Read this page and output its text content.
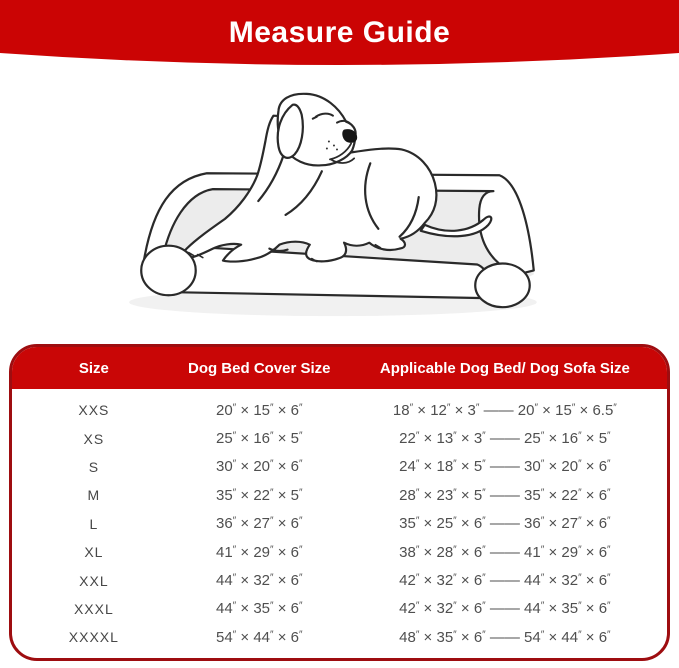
Measure Guide
Size	Dog Bed Cover Size	Applicable Dog Bed/ Dog Sofa Size
XXS	20″ × 15″ × 6″	18″ × 12″ × 3″ —— 20″ × 15″ × 6.5″
XS	25″ × 16″ × 5″	22″ × 13″ × 3″ —— 25″ × 16″ × 5″
S	30″ × 20″ × 6″	24″ × 18″ × 5″ —— 30″ × 20″ × 6″
M	35″ × 22″ × 5″	28″ × 23″ × 5″ —— 35″ × 22″ × 6″
L	36″ × 27″ × 6″	35″ × 25″ × 6″ —— 36″ × 27″ × 6″
XL	41″ × 29″ × 6″	38″ × 28″ × 6″ —— 41″ × 29″ × 6″
XXL	44″ × 32″ × 6″	42″ × 32″ × 6″ —— 44″ × 32″ × 6″
XXXL	44″ × 35″ × 6″	42″ × 32″ × 6″ —— 44″ × 35″ × 6″
XXXXL	54″ × 44″ × 6″	48″ × 35″ × 6″ —— 54″ × 44″ × 6″
